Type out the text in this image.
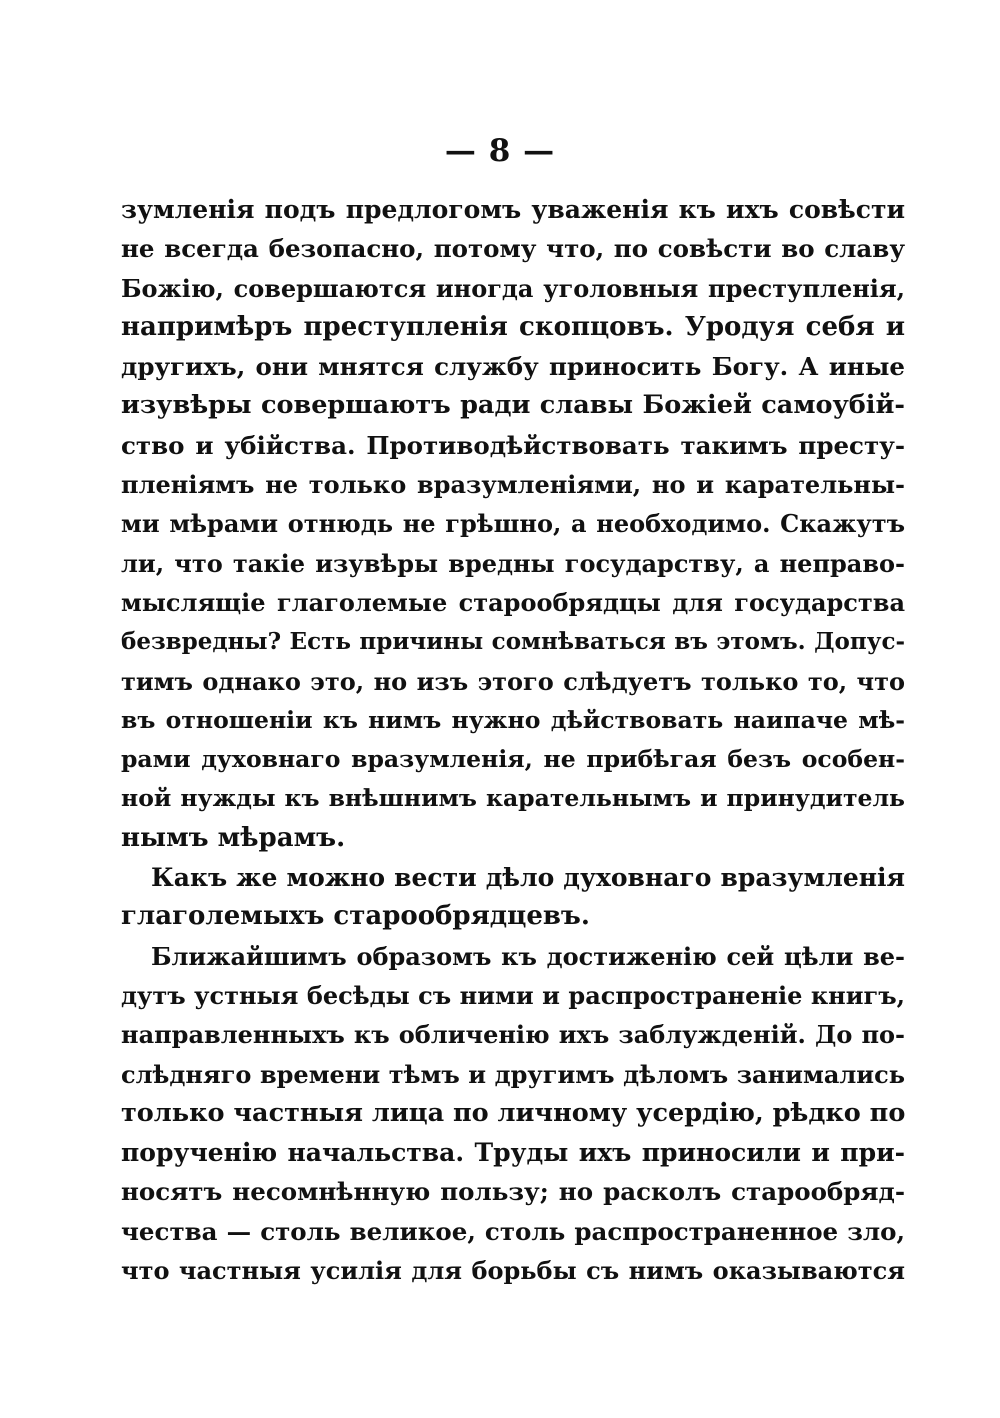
— 8 —
зумленія подъ предлогомъ уваженія къ ихъ совѣсти
не всегда безопасно, потому что, по совѣсти во славу
Божію, совершаются иногда уголовныя преступленія,
напримѣръ преступленія скопцовъ. Уродуя себя и
другихъ, они мнятся службу приносить Богу. А иные
изувѣры совершаютъ ради славы Божіей самоубій-
ство и убійства. Противодѣйствовать такимъ престу-
пленіямъ не только вразумленіями, но и карательны-
ми мѣрами отнюдь не грѣшно, а необходимо. Скажутъ
ли, что такіе изувѣры вредны государству, а неправо-
мыслящіе глаголемые старообрядцы для государства
безвредны? Есть причины сомнѣваться въ этомъ. Допус-
тимъ однако это, но изъ этого слѣдуетъ только то, что
въ отношеніи къ нимъ нужно дѣйствовать наипаче мѣ-
рами духовнаго вразумленія, не прибѣгая безъ особен-
ной нужды къ внѣшнимъ карательнымъ и принудитель
нымъ мѣрамъ.
Какъ же можно вести дѣло духовнаго вразумленія
глаголемыхъ старообрядцевъ.
Ближайшимъ образомъ къ достиженію сей цѣли ве-
дутъ устныя бесѣды съ ними и распространеніе книгъ,
направленныхъ къ обличенію ихъ заблужденій. До по-
слѣдняго времени тѣмъ и другимъ дѣломъ занимались
только частныя лица по личному усердію, рѣдко по
порученію начальства. Труды ихъ приносили и при-
носятъ несомнѣнную пользу; но расколъ старообряд-
чества — столь великое, столь распространенное зло,
что частныя усилія для борьбы съ нимъ оказываются
